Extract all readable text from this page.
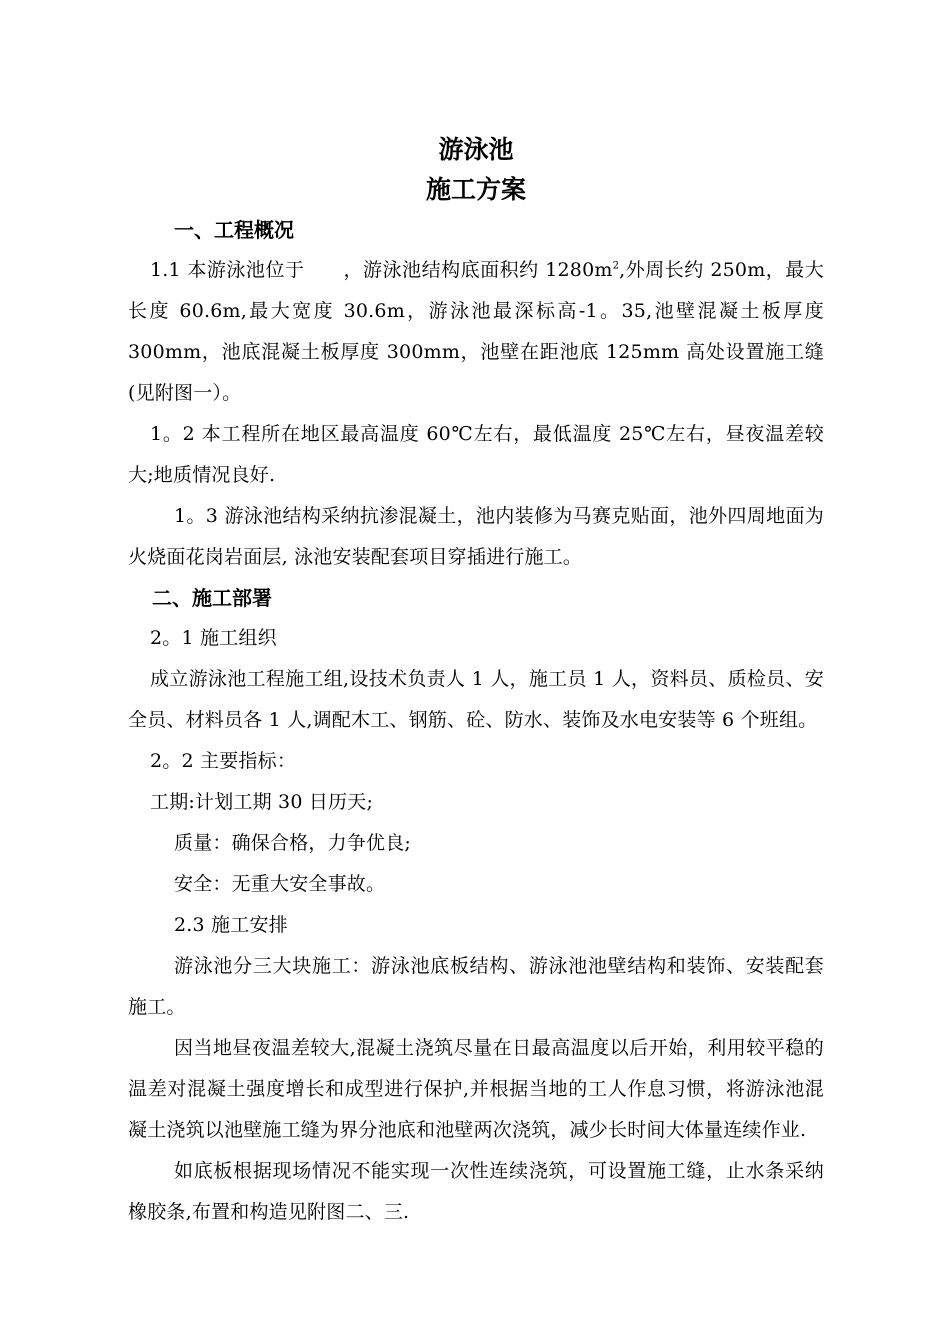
游泳池
施工方案
一、工程概况

1.1 本游泳池位于　　，游泳池结构底面积约 $1280m^2$,外周长约 250m，最大长度 60.6m,最大宽度 30.6m，游泳池最深标高-1。35,池壁混凝土板厚度 300mm，池底混凝土板厚度 300mm，池壁在距池底 125mm 高处设置施工缝(见附图一）。

1。2 本工程所在地区最高温度 60℃左右，最低温度 25℃左右，昼夜温差较大;地质情况良好.

1。3 游泳池结构采纳抗渗混凝土，池内装修为马赛克贴面，池外四周地面为火烧面花岗岩面层, 泳池安装配套项目穿插进行施工。

二、施工部署

2。1 施工组织

成立游泳池工程施工组,设技术负责人 1 人，施工员 1 人，资料员、质检员、安全员、材料员各 1 人,调配木工、钢筋、砼、防水、装饰及水电安装等 6 个班组。

2。2 主要指标：

工期:计划工期 30 日历天;

质量：确保合格，力争优良;

安全：无重大安全事故。

2.3 施工安排

游泳池分三大块施工：游泳池底板结构、游泳池池壁结构和装饰、安装配套施工。

因当地昼夜温差较大,混凝土浇筑尽量在日最高温度以后开始，利用较平稳的温差对混凝土强度增长和成型进行保护,并根据当地的工人作息习惯，将游泳池混凝土浇筑以池壁施工缝为界分池底和池壁两次浇筑，减少长时间大体量连续作业.

如底板根据现场情况不能实现一次性连续浇筑，可设置施工缝，止水条采纳橡胶条,布置和构造见附图二、三.
